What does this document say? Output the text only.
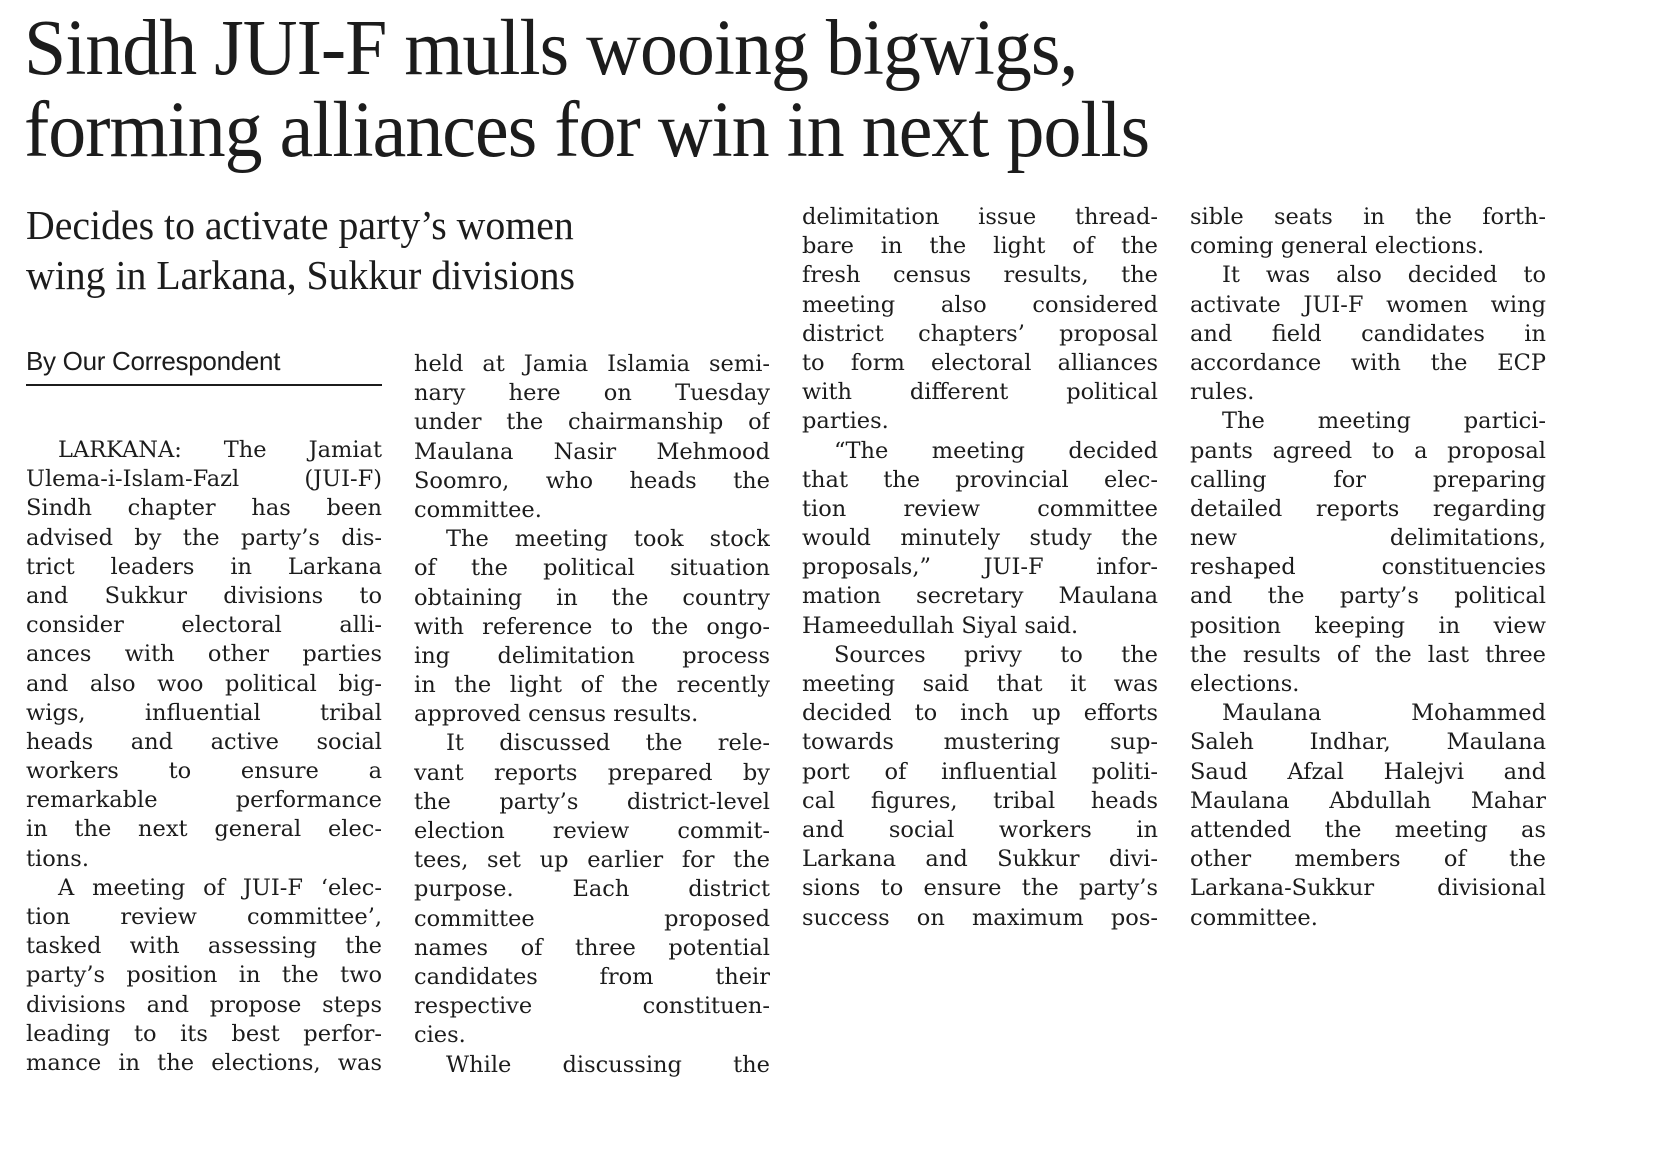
Sindh JUI-F mulls wooing bigwigs,
forming alliances for win in next polls
Decides to activate party’s women
wing in Larkana, Sukkur divisions
By Our Correspondent
LARKANA: The Jamiat
Ulema-i-Islam-Fazl (JUI-F)
Sindh chapter has been
advised by the party’s dis-
trict leaders in Larkana
and Sukkur divisions to
consider electoral alli-
ances with other parties
and also woo political big-
wigs, influential tribal
heads and active social
workers to ensure a
remarkable performance
in the next general elec-
tions.
A meeting of JUI-F ‘elec-
tion review committee’,
tasked with assessing the
party’s position in the two
divisions and propose steps
leading to its best perfor-
mance in the elections, was
held at Jamia Islamia semi-
nary here on Tuesday
under the chairmanship of
Maulana Nasir Mehmood
Soomro, who heads the
committee.
The meeting took stock
of the political situation
obtaining in the country
with reference to the ongo-
ing delimitation process
in the light of the recently
approved census results.
It discussed the rele-
vant reports prepared by
the party’s district-level
election review commit-
tees, set up earlier for the
purpose. Each district
committee proposed
names of three potential
candidates from their
respective constituen-
cies.
While discussing the
delimitation issue thread-
bare in the light of the
fresh census results, the
meeting also considered
district chapters’ proposal
to form electoral alliances
with different political
parties.
“The meeting decided
that the provincial elec-
tion review committee
would minutely study the
proposals,” JUI-F infor-
mation secretary Maulana
Hameedullah Siyal said.
Sources privy to the
meeting said that it was
decided to inch up efforts
towards mustering sup-
port of influential politi-
cal figures, tribal heads
and social workers in
Larkana and Sukkur divi-
sions to ensure the party’s
success on maximum pos-
sible seats in the forth-
coming general elections.
It was also decided to
activate JUI-F women wing
and field candidates in
accordance with the ECP
rules.
The meeting partici-
pants agreed to a proposal
calling for preparing
detailed reports regarding
new delimitations,
reshaped constituencies
and the party’s political
position keeping in view
the results of the last three
elections.
Maulana Mohammed
Saleh Indhar, Maulana
Saud Afzal Halejvi and
Maulana Abdullah Mahar
attended the meeting as
other members of the
Larkana-Sukkur divisional
committee.
